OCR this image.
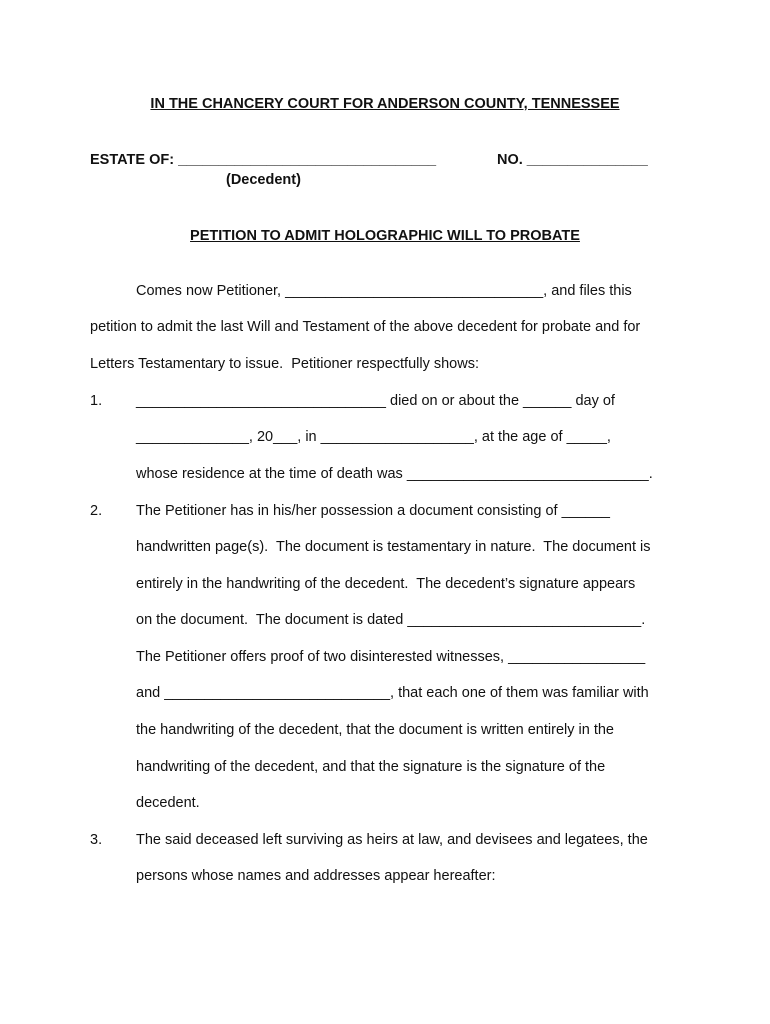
IN THE CHANCERY COURT FOR ANDERSON COUNTY, TENNESSEE
ESTATE OF: ________________________________	NO. _______________
(Decedent)
PETITION TO ADMIT HOLOGRAPHIC WILL TO PROBATE
Comes now Petitioner, ________________________________, and files this
petition to admit the last Will and Testament of the above decedent for probate and for
Letters Testamentary to issue.  Petitioner respectfully shows:
1. _______________________________ died on or about the ______ day of
______________, 20___, in ___________________, at the age of _____,
whose residence at the time of death was ______________________________.
2. The Petitioner has in his/her possession a document consisting of ______
handwritten page(s).  The document is testamentary in nature.  The document is
entirely in the handwriting of the decedent.  The decedent’s signature appears
on the document.  The document is dated _____________________________.
The Petitioner offers proof of two disinterested witnesses, _________________
and ____________________________, that each one of them was familiar with
the handwriting of the decedent, that the document is written entirely in the
handwriting of the decedent, and that the signature is the signature of the
decedent.
3. The said deceased left surviving as heirs at law, and devisees and legatees, the
persons whose names and addresses appear hereafter:
